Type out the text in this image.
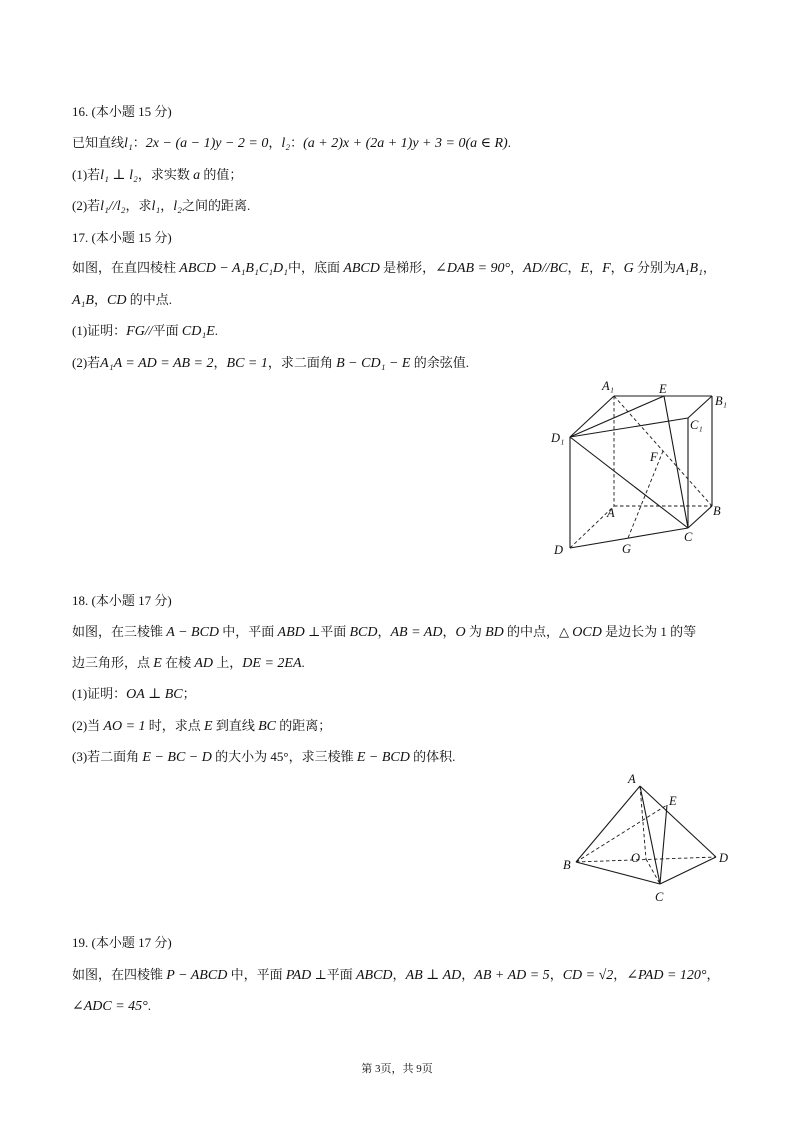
16. (本小题 15 分)
已知直线l₁：2x − (a − 1)y − 2 = 0，l₂：(a + 2)x + (2a + 1)y + 3 = 0(a ∈ R).
(1)若l₁ ⊥ l₂，求实数 a 的值；
(2)若l₁//l₂，求l₁，l₂之间的距离.
17. (本小题 15 分)
如图，在直四棱柱 ABCD − A₁B₁C₁D₁中，底面 ABCD 是梯形，∠DAB = 90°，AD//BC，E，F，G 分别为A₁B₁，
A₁B，CD 的中点.
(1)证明：FG//平面 CD₁E.
(2)若A₁A = AD = AB = 2，BC = 1，求二面角 B − CD₁ − E 的余弦值.
A₁	E
B₁
C₁
D₁
F
A	B
C
G
D
18. (本小题 17 分)
如图，在三棱锥 A − BCD 中，平面 ABD ⊥平面 BCD，AB = AD，O 为 BD 的中点，△ OCD 是边长为 1 的等
边三角形，点 E 在棱 AD 上，DE = 2EA.
(1)证明：OA ⊥ BC；
(2)当 AO = 1 时，求点 E 到直线 BC 的距离；
(3)若二面角 E − BC − D 的大小为 45°，求三棱锥 E − BCD 的体积.
A
E
O
B	D
C
19. (本小题 17 分)
如图，在四棱锥 P − ABCD 中，平面 PAD ⊥平面 ABCD，AB ⊥ AD，AB + AD = 5，CD = √2，∠PAD = 120°，
∠ADC = 45°.
第 3页，共 9页
